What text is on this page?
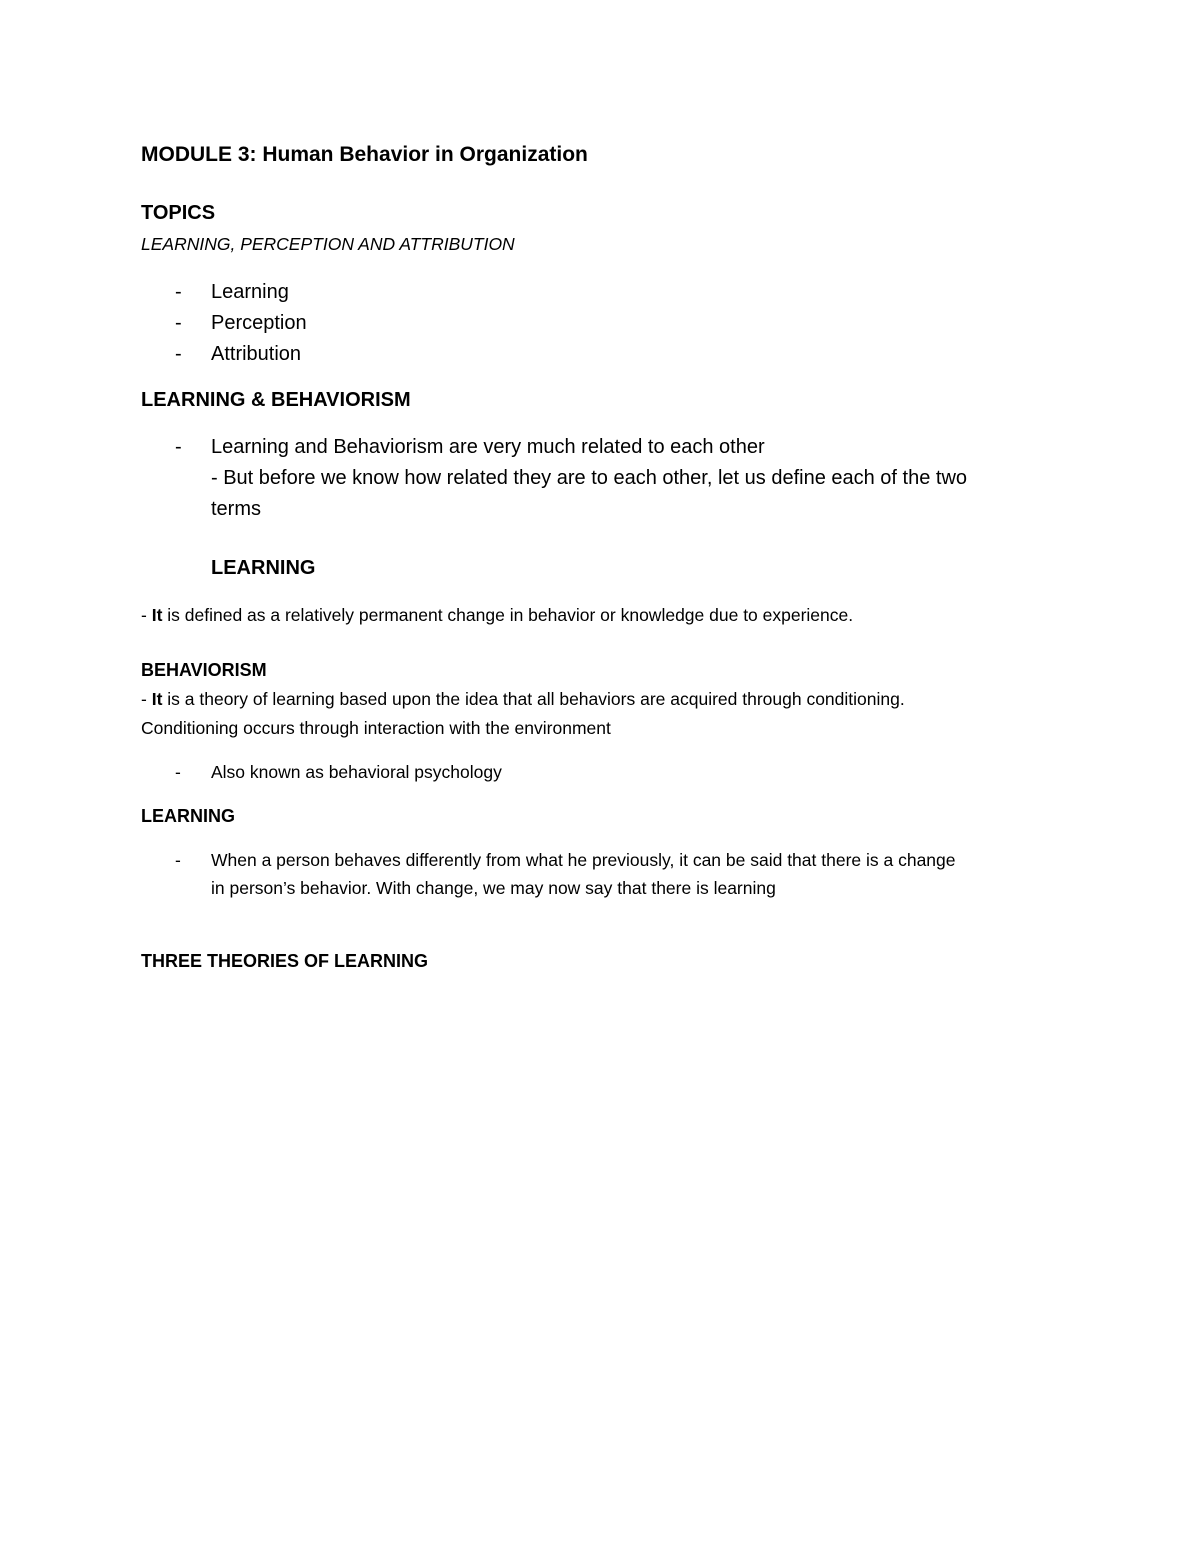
MODULE 3: Human Behavior in Organization
TOPICS
LEARNING, PERCEPTION AND ATTRIBUTION
- Learning
- Perception
- Attribution
LEARNING & BEHAVIORISM
- Learning and Behaviorism are very much related to each other
- But before we know how related they are to each other, let us define each of the two
terms
LEARNING
- It is defined as a relatively permanent change in behavior or knowledge due to experience.
BEHAVIORISM
- It is a theory of learning based upon the idea that all behaviors are acquired through conditioning.
Conditioning occurs through interaction with the environment
- Also known as behavioral psychology
LEARNING
- When a person behaves differently from what he previously, it can be said that there is a change
in person’s behavior. With change, we may now say that there is learning
THREE THEORIES OF LEARNING
